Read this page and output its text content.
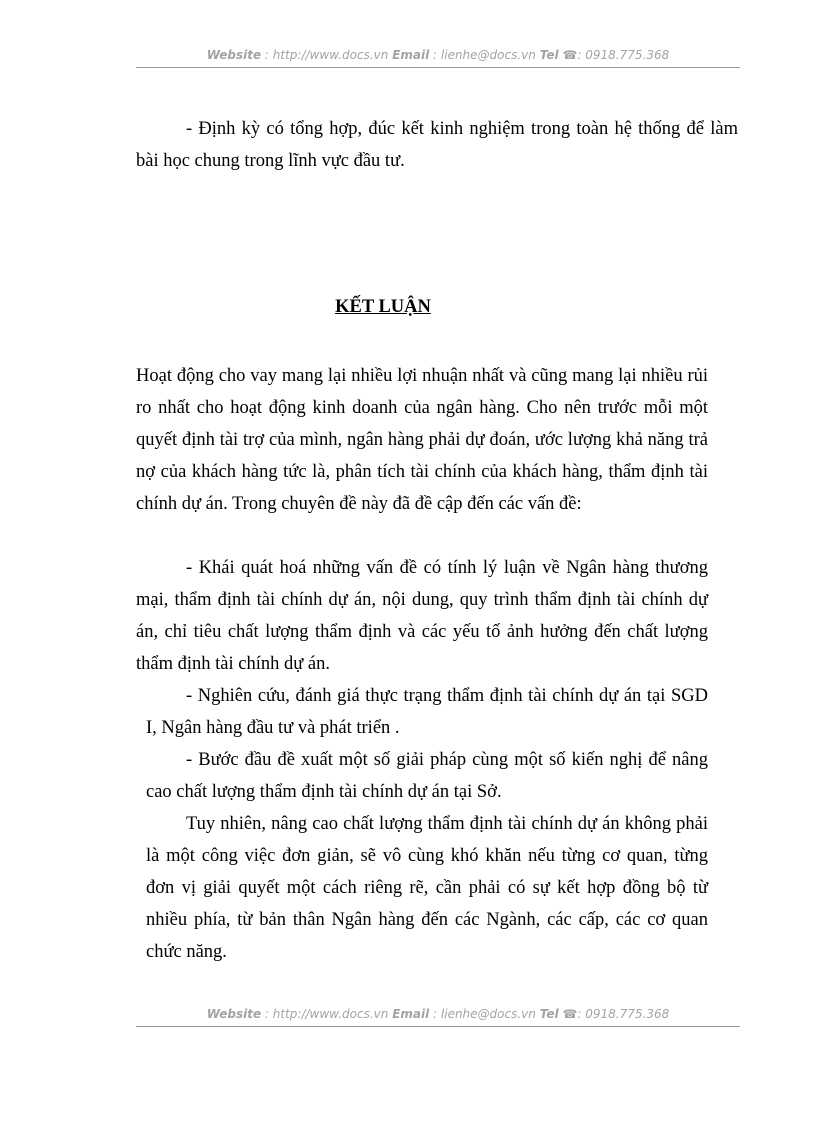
Website : http://www.docs.vn Email : lienhe@docs.vn Tel ☎: 0918.775.368

- Định kỳ có tổng hợp, đúc kết kinh nghiệm trong toàn hệ thống để làm bài học chung trong lĩnh vực đầu tư.

KẾT LUẬN

Hoạt động cho vay mang lại nhiều lợi nhuận nhất và cũng mang lại nhiều rủi ro nhất cho hoạt động kinh doanh của ngân hàng. Cho nên trước mỗi một quyết định tài trợ của mình, ngân hàng phải dự đoán, ước lượng khả năng trả nợ của khách hàng tức là, phân tích tài chính của khách hàng, thẩm định tài chính dự án. Trong chuyên đề này đã đề cập đến các vấn đề:

- Khái quát hoá những vấn đề có tính lý luận về Ngân hàng thương mại, thẩm định tài chính dự án, nội dung, quy trình thẩm định tài chính dự án, chỉ tiêu chất lượng thẩm định và các yếu tố ảnh hưởng đến chất lượng thẩm định tài chính dự án.

- Nghiên cứu, đánh giá thực trạng thẩm định tài chính dự án tại SGD I, Ngân hàng đầu tư và phát triển .

- Bước đầu đề xuất một số giải pháp cùng một số kiến nghị để nâng cao chất lượng thẩm định tài chính dự án tại Sở.

Tuy nhiên, nâng cao chất lượng thẩm định tài chính dự án không phải là một công việc đơn giản, sẽ vô cùng khó khăn nếu từng cơ quan, từng đơn vị giải quyết một cách riêng rẽ, cần phải có sự kết hợp đồng bộ từ nhiều phía, từ bản thân Ngân hàng đến các Ngành, các cấp, các cơ quan chức năng.

Website : http://www.docs.vn Email : lienhe@docs.vn Tel ☎: 0918.775.368
